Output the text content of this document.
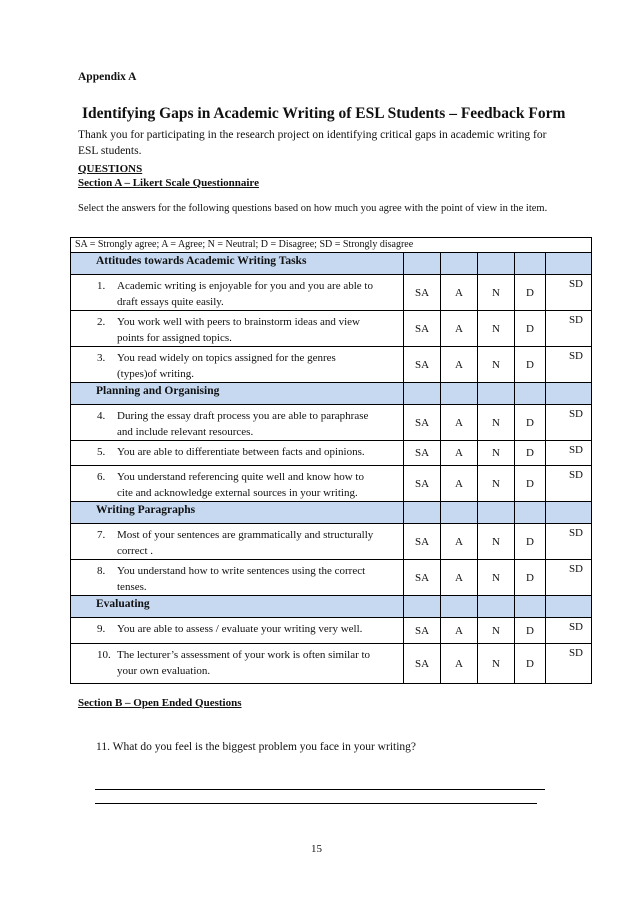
Appendix A
Identifying Gaps in Academic Writing of ESL Students – Feedback Form
Thank you for participating in the research project on identifying critical gaps in academic writing for ESL students.
QUESTIONS
Section A – Likert Scale Questionnaire
Select the answers for the following questions based on how much you agree with the point of view in the item.
SA = Strongly agree; A = Agree; N = Neutral; D = Disagree; SD = Strongly disagree					
Attitudes towards Academic Writing Tasks					

1. Academic writing is enjoyable for you and you are able to
draft essays quite easily.	SA	A	N	D	SD

2. You work well with peers to brainstorm ideas and view
points for assigned topics.	SA	A	N	D	SD

3. You read widely on topics assigned for the genres
(types)of writing.	SA	A	N	D	SD
Planning and Organising					

4. During the essay draft process you are able to paraphrase
and include relevant resources.	SA	A	N	D	SD

5. You are able to differentiate between facts and opinions.	SA	A	N	D	SD

6. You understand referencing quite well and know how to
cite and acknowledge external sources in your writing.	SA	A	N	D	SD
Writing Paragraphs					

7. Most of your sentences are grammatically and structurally
correct .	SA	A	N	D	SD

8. You understand how to write sentences using the correct
tenses.	SA	A	N	D	SD
Evaluating					

9. You are able to assess / evaluate your writing very well.	SA	A	N	D	SD

10. The lecturer’s assessment of your work is often similar to
your own evaluation.	SA	A	N	D	SD
Section B – Open Ended Questions
11. What do you feel is the biggest problem you face in your writing?
15
